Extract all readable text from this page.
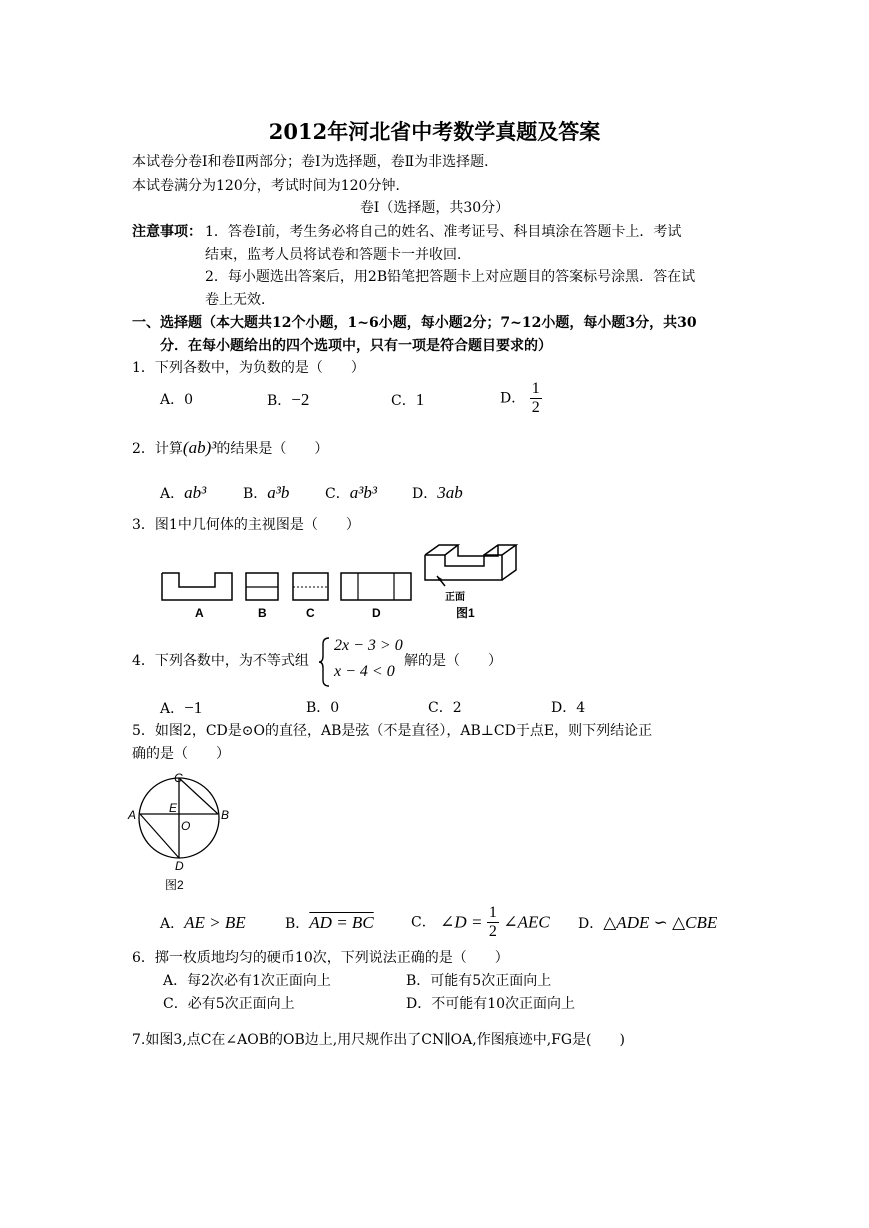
2012年河北省中考数学真题及答案
本试卷分卷Ⅰ和卷Ⅱ两部分；卷Ⅰ为选择题，卷Ⅱ为非选择题．
本试卷满分为120分，考试时间为120分钟．
卷Ⅰ（选择题，共30分）
注意事项： 1．答卷Ⅰ前，考生务必将自己的姓名、准考证号、科目填涂在答题卡上．考试
结束，监考人员将试卷和答题卡一并收回．
2．每小题选出答案后，用2B铅笔把答题卡上对应题目的答案标号涂黑．答在试
卷上无效．
一、选择题（本大题共12个小题，1~6小题，每小题2分；7~12小题，每小题3分，共30
分．在每小题给出的四个选项中，只有一项是符合题目要求的）
1．下列各数中，为负数的是（　　）
A．0	B．−2	C．1	D． $\frac{1}{2}$
2．计算(ab)³的结果是（　　）
A．ab³	B．a³b	C．a³b³	D．3ab
3．图1中几何体的主视图是（　　）
A	B	C	D
正面
图1
4．下列各数中，为不等式组
2x − 3 > 0
x − 4 < 0
解的是（　　）
A．−1	B．0	C．2	D．4
5．如图2，CD是⊙O的直径，AB是弦（不是直径），AB⊥CD于点E，则下列结论正
确的是（　　）
A	B
C
D
E
O
图2
A．AE > BE	B．AD = BC	C． ∠D = $\frac{1}{2}$ ∠AEC D．△ADE ∽ △CBE
6．掷一枚质地均匀的硬币10次，下列说法正确的是（　　）
A．每2次必有1次正面向上	B．可能有5次正面向上
C．必有5次正面向上	D．不可能有10次正面向上
7.如图3,点C在∠AOB的OB边上,用尺规作出了CN∥OA,作图痕迹中,FG是(　　)
